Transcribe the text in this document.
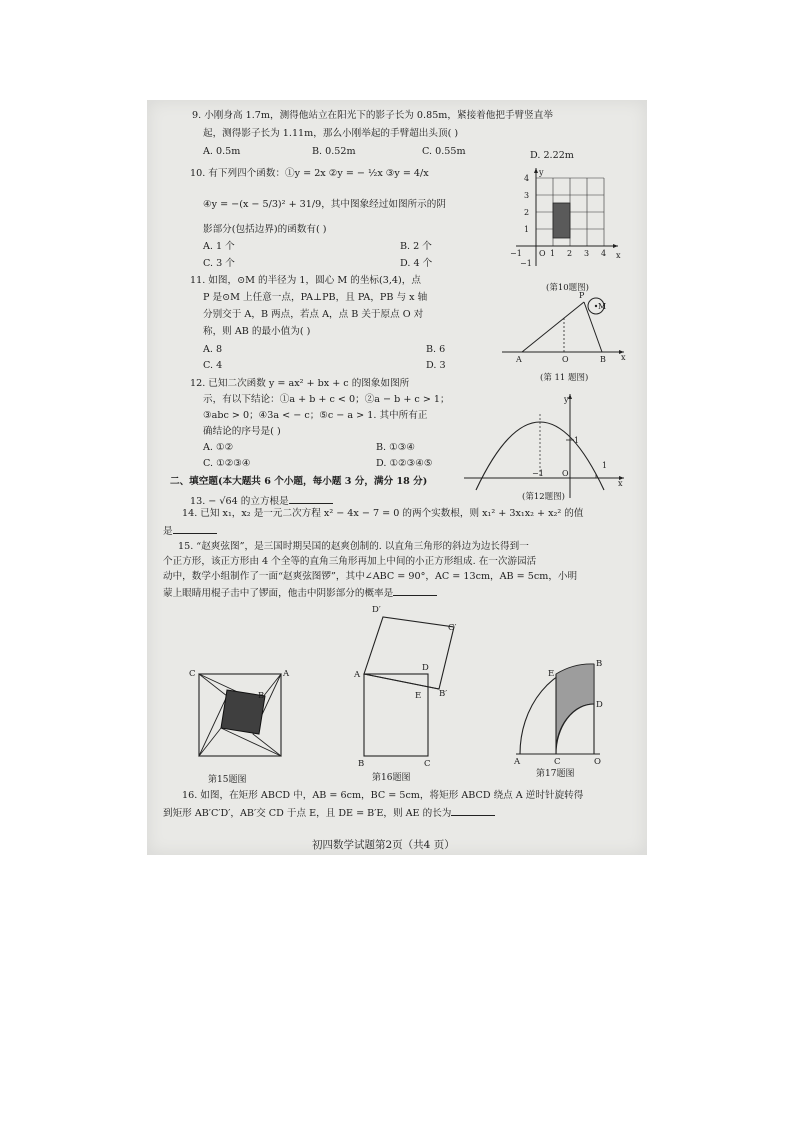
9. 小刚身高 1.7m，测得他站立在阳光下的影子长为 0.85m，紧接着他把手臂竖直举
起，测得影子长为 1.11m，那么小刚举起的手臂超出头顶( )
A. 0.5m	B. 0.52m	C. 0.55m	D. 2.22m
10. 有下列四个函数：①y = 2x ②y = − ½x ③y = 4/x
④y = −(x − 5/3)² + 31/9，其中图象经过如图所示的阴
影部分(包括边界)的函数有( )
A. 1 个	B. 2 个
C. 3 个	D. 4 个
y
x
O
4
3
2
1
−1
−1	1 2 3 4
(第10题图)
11. 如图，⊙M 的半径为 1，圆心 M 的坐标(3,4)，点
P 是⊙M 上任意一点，PA⊥PB，且 PA，PB 与 x 轴
分别交于 A，B 两点，若点 A，点 B 关于原点 O 对
称，则 AB 的最小值为( )
A. 8	B. 6
C. 4	D. 3
P
M
A	O	B x
(第 11 题图)
12. 已知二次函数 y = ax² + bx + c 的图象如图所
示，有以下结论：①a + b + c < 0；②a − b + c > 1；
③abc > 0；④3a < − c；⑤c − a > 1. 其中所有正
确结论的序号是( )
A. ①②	B. ①③④
C. ①②③④	D. ①②③④⑤
y
1
−1 O
1
x
(第12题图)
二、填空题(本大题共 6 个小题，每小题 3 分，满分 18 分)
13. − √64 的立方根是
14. 已知 x₁，x₂ 是一元二次方程 x² − 4x − 7 = 0 的两个实数根，则 x₁² + 3x₁x₂ + x₂² 的值
是
15. “赵爽弦图”，是三国时期吴国的赵爽创制的. 以直角三角形的斜边为边长得到一
个正方形，该正方形由 4 个全等的直角三角形再加上中间的小正方形组成. 在一次游园活
动中，数学小组制作了一面“赵爽弦图锣”，其中∠ABC = 90°，AC = 13cm，AB = 5cm，小明
蒙上眼睛用棍子击中了锣面，他击中阴影部分的概率是
C	A
B
第15题图
D′
C′
A
D
E B′
B	C
第16题图
E
B
D
A	C	O
第17题图
16. 如图，在矩形 ABCD 中，AB = 6cm，BC = 5cm，将矩形 ABCD 绕点 A 逆时针旋转得
到矩形 AB′C′D′，AB′交 CD 于点 E，且 DE = B′E，则 AE 的长为
初四数学试题第2页（共4 页）
